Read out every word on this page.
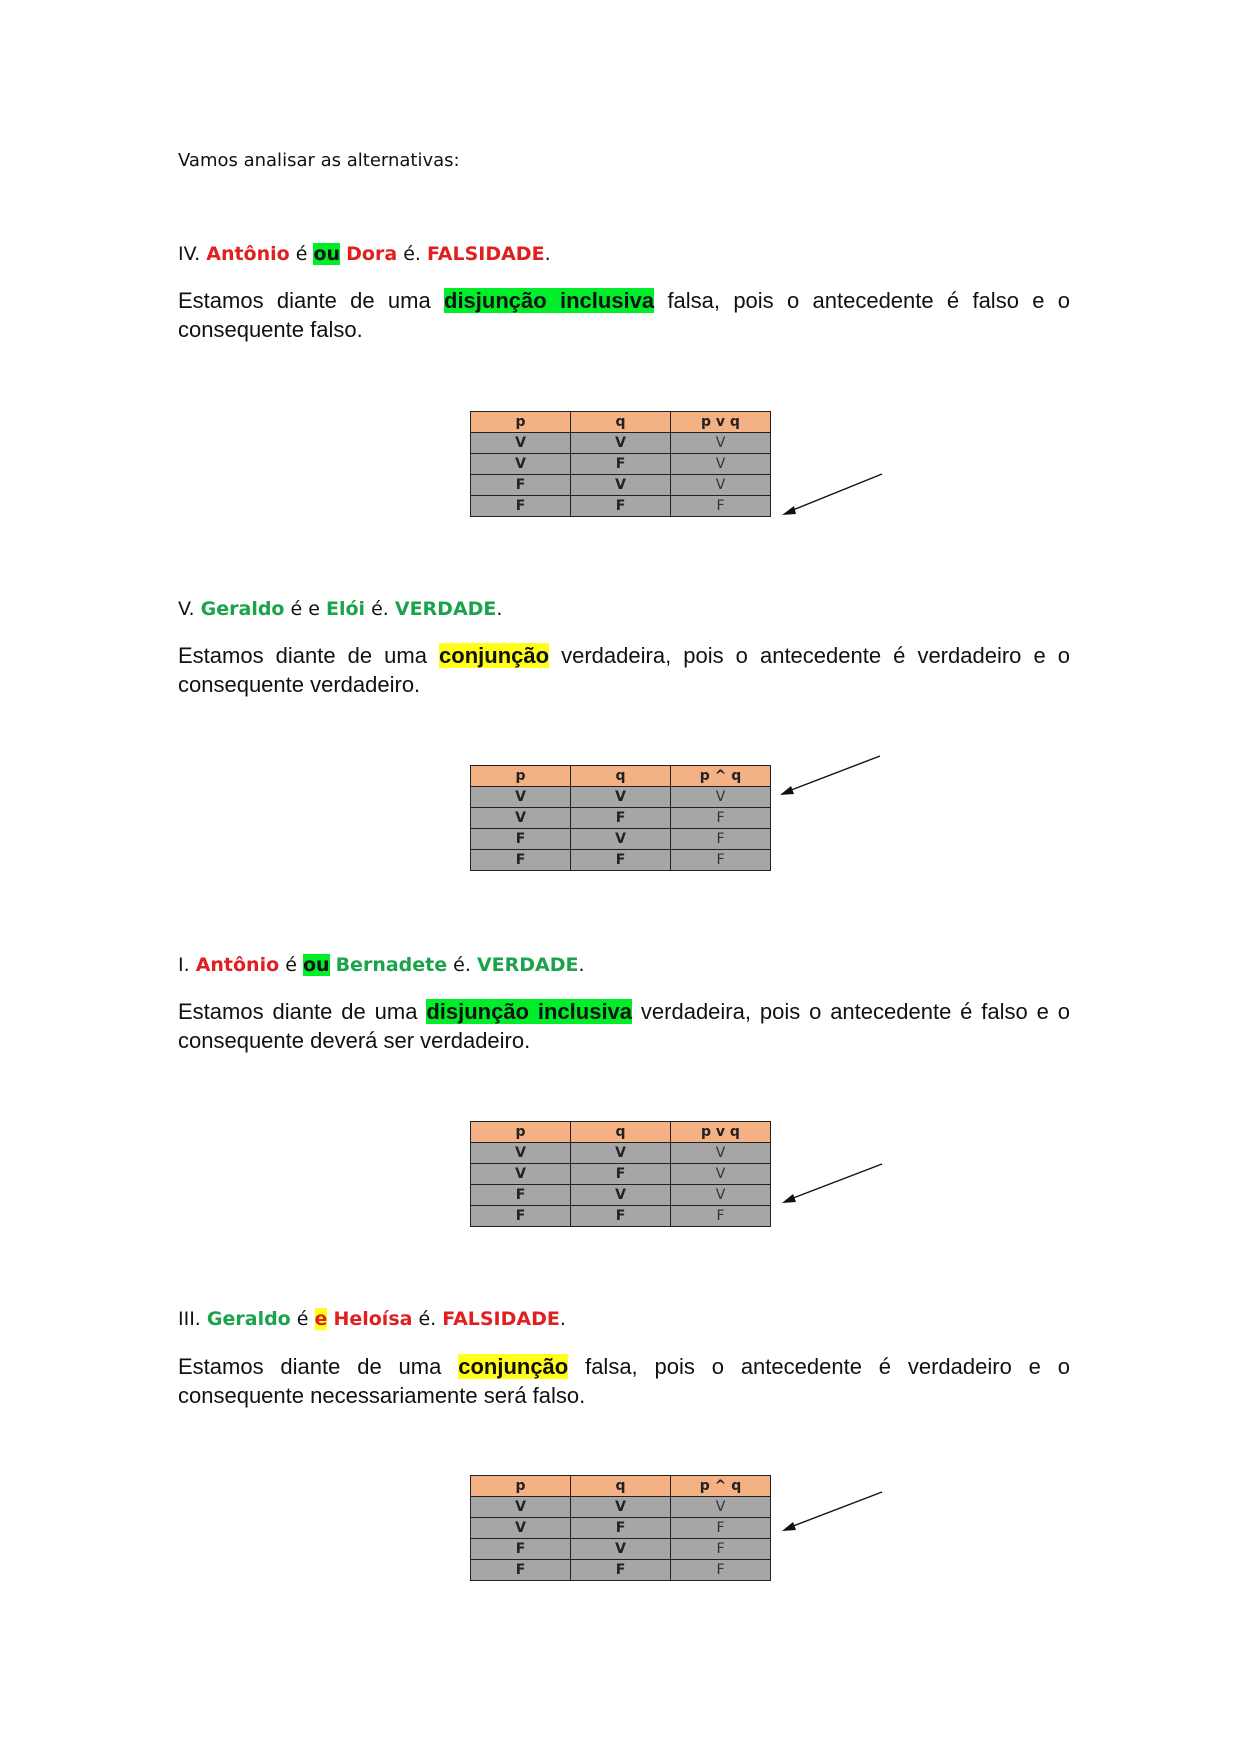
Vamos analisar as alternativas:
IV. Antônio é ou Dora é. FALSIDADE.
Estamos diante de uma disjunção inclusiva falsa, pois o antecedente é falso e o
consequente falso.
p	q	p v q
V	V	V
V	F	V
F	V	V
F	F	F
V. Geraldo é e Elói é. VERDADE.
Estamos diante de uma conjunção verdadeira, pois o antecedente é verdadeiro e o
consequente verdadeiro.
p	q	p ^ q
V	V	V
V	F	F
F	V	F
F	F	F
I. Antônio é ou Bernadete é. VERDADE.
Estamos diante de uma disjunção inclusiva verdadeira, pois o antecedente é falso e o
consequente deverá ser verdadeiro.
p	q	p v q
V	V	V
V	F	V
F	V	V
F	F	F
III. Geraldo é e Heloísa é. FALSIDADE.
Estamos diante de uma conjunção falsa, pois o antecedente é verdadeiro e o
consequente necessariamente será falso.
p	q	p ^ q
V	V	V
V	F	F
F	V	F
F	F	F
